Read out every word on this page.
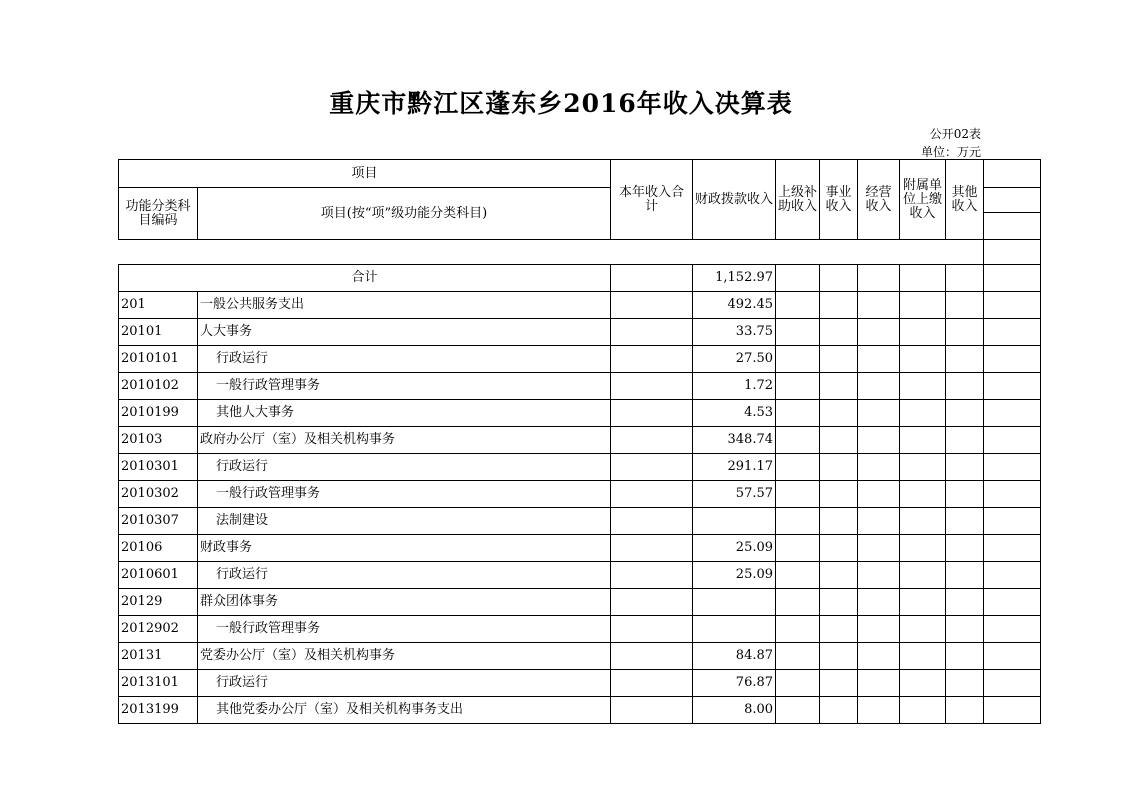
重庆市黔江区蓬东乡2016年收入决算表
公开02表
单位：万元
项目		本年收入合计	财政拨款收入	上级补助收入	事业收入	经营收入	附属单位上缴收入	其他收入	
功能分类科目编码	项目(按“项”级功能分类科目)								

合计			1,152.97						
201	一般公共服务支出		492.45						
20101	人大事务		33.75						
2010101	行政运行		27.50						
2010102	一般行政管理事务		1.72						
2010199	其他人大事务		4.53						
20103	政府办公厅（室）及相关机构事务		348.74						
2010301	行政运行		291.17						
2010302	一般行政管理事务		57.57						
2010307	法制建设								
20106	财政事务		25.09						
2010601	行政运行		25.09						
20129	群众团体事务								
2012902	一般行政管理事务								
20131	党委办公厅（室）及相关机构事务		84.87						
2013101	行政运行		76.87						
2013199	其他党委办公厅（室）及相关机构事务支出		8.00						
